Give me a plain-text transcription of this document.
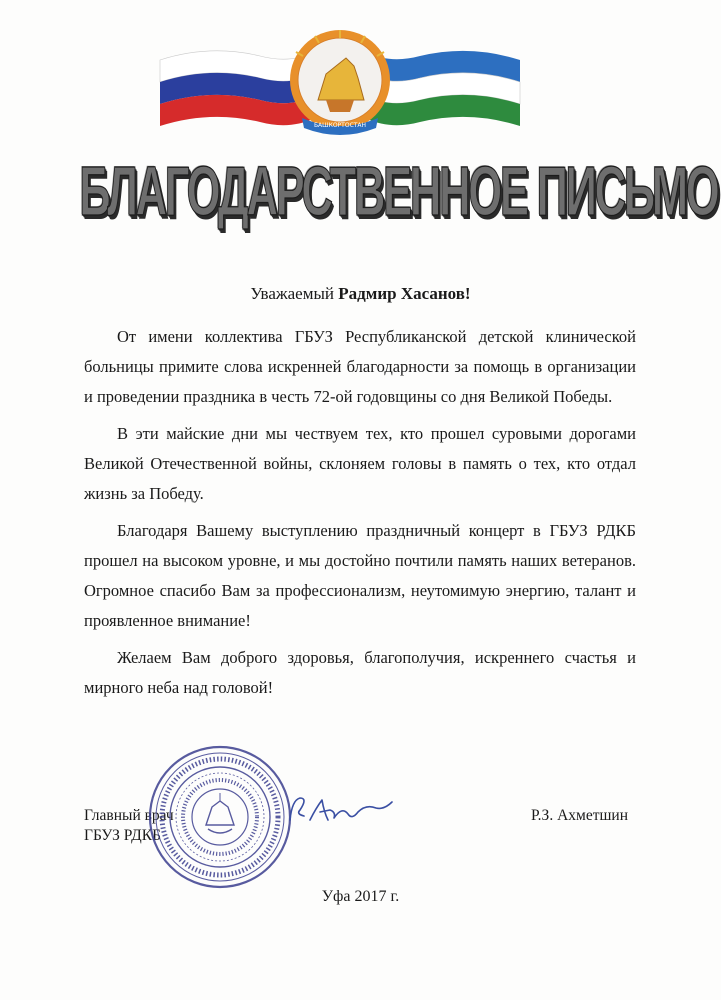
БАШКОРТОСТАН
БЛАГОДАРСТВЕННОЕ ПИСЬМО
Уважаемый Радмир Хасанов!

От имени коллектива ГБУЗ Республиканской детской клинической больницы примите слова искренней благодарности за помощь в организации и проведении праздника в честь 72-ой годовщины со дня Великой Победы.

В эти майские дни мы чествуем тех, кто прошел суровыми дорогами Великой Отечественной войны, склоняем головы в память о тех, кто отдал жизнь за Победу.

Благодаря Вашему выступлению праздничный концерт в ГБУЗ РДКБ прошел на высоком уровне, и мы достойно почтили память наших ветеранов. Огромное спасибо Вам за профессионализм, неутомимую энергию, талант и проявленное внимание!

Желаем Вам доброго здоровья, благополучия, искреннего счастья и мирного неба над головой!

Главный врач
ГБУЗ РДКБ
Р.З. Ахметшин
Уфа 2017 г.
